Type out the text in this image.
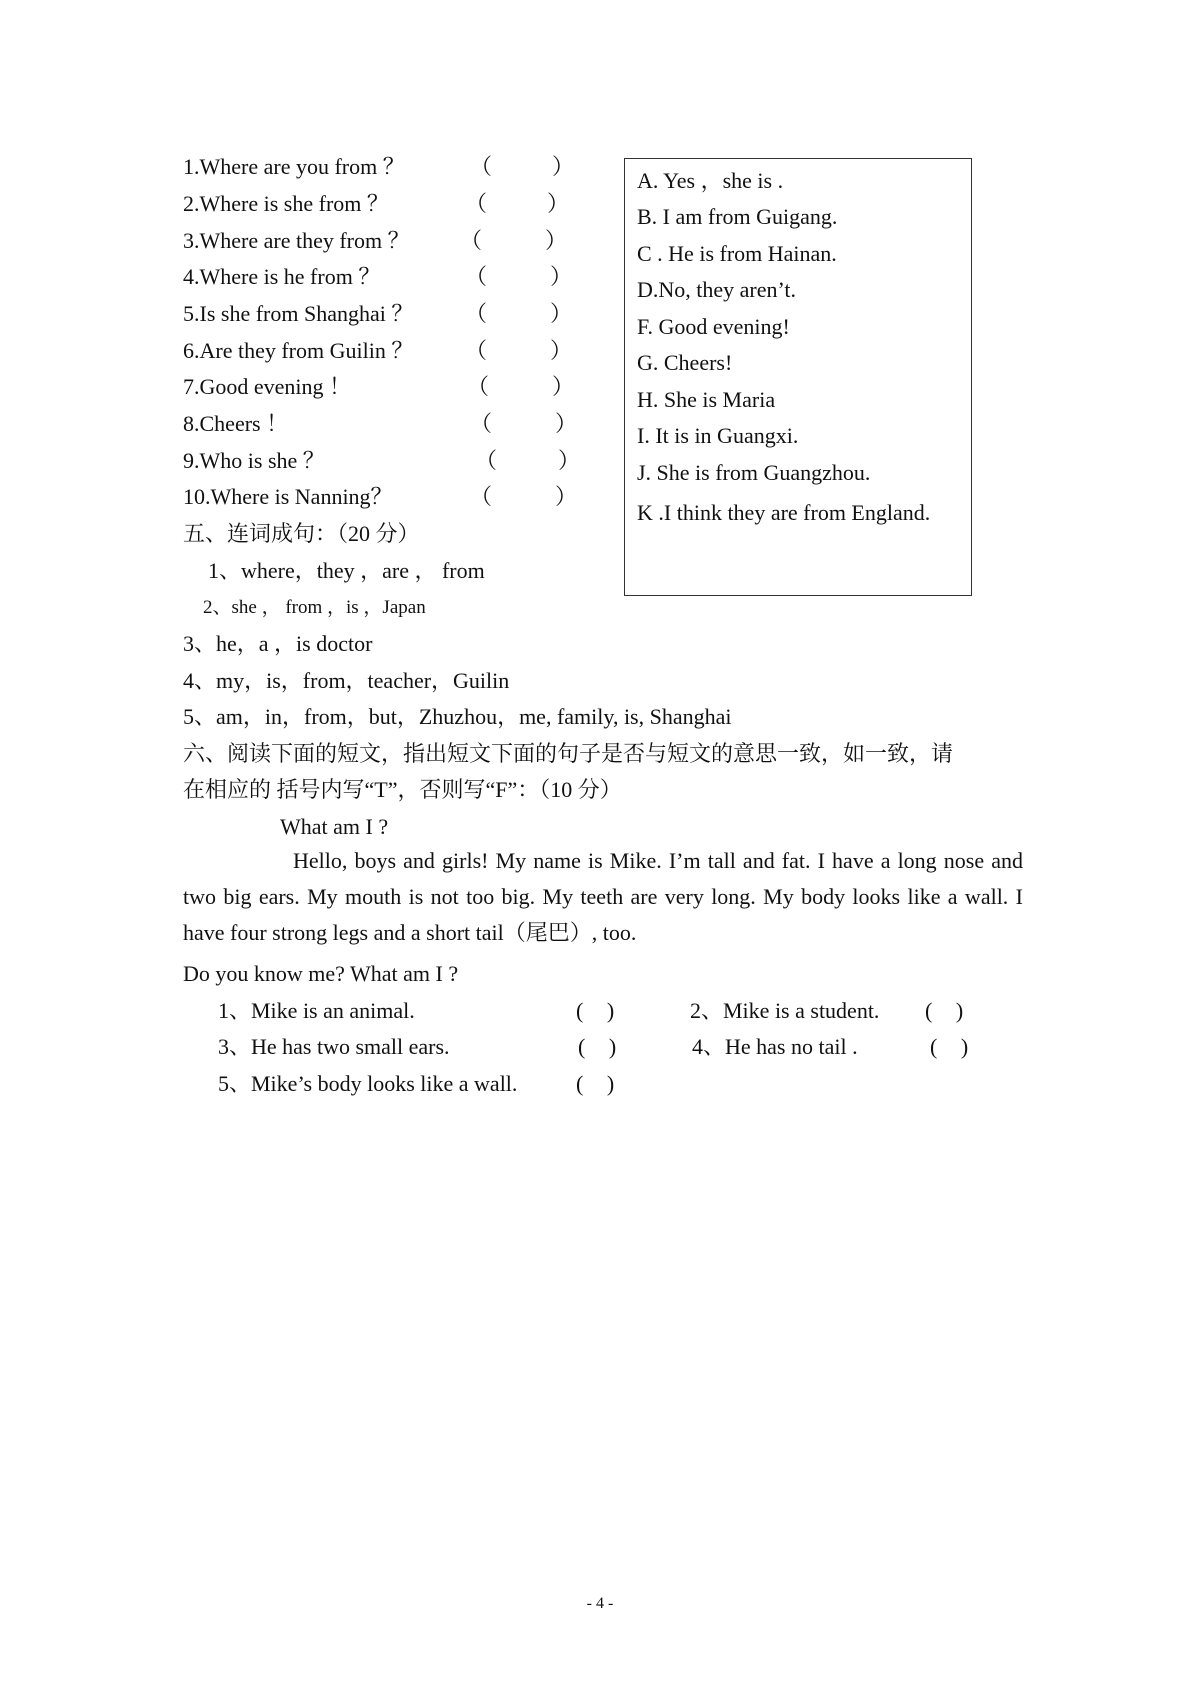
1.Where are you from ？	（	）
2.Where is she from ？	（	）
3.Where are they from ？ （	）
4.Where is he from ？	（	）
5.Is she from Shanghai ？ （	）
6.Are they from Guilin ？ （	）
7.Good evening ！	（	）
8.Cheers ！	（	）
9.Who is she ？	（	）
10.Where is Nanning？	（	）
A. Yes ，she is .
B. I am from Guigang.
C . He is from Hainan.
D.No, they aren’t.
F. Good evening!
G. Cheers!
H. She is Maria
I. It is in Guangxi.
J. She is from Guangzhou.
K .I think they are from England.
五、连词成句：（20 分）
1、where，they ，are ， from
2、she ， from ，is ，Japan
3、he，a ，is doctor
4、my，is，from，teacher，Guilin
5、am，in，from，but，Zhuzhou，me, family, is, Shanghai
六、阅读下面的短文，指出短文下面的句子是否与短文的意思一致，如一致，请
在相应的 括号内写“T”，否则写“F”：（10 分）
What am I ?

Hello, boys and girls! My name is Mike. I’m tall and fat. I have a long nose and two big ears. My mouth is not too big. My teeth are very long. My body looks like a wall. I have four strong legs and a short tail（尾巴）, too.

Do you know me? What am I ?
1、Mike is an animal.	( )	2、Mike is a student. ( )
3、He has two small ears.	( )	4、He has no tail .	( )
5、Mike’s body looks like a wall.	( )
- 4 -
